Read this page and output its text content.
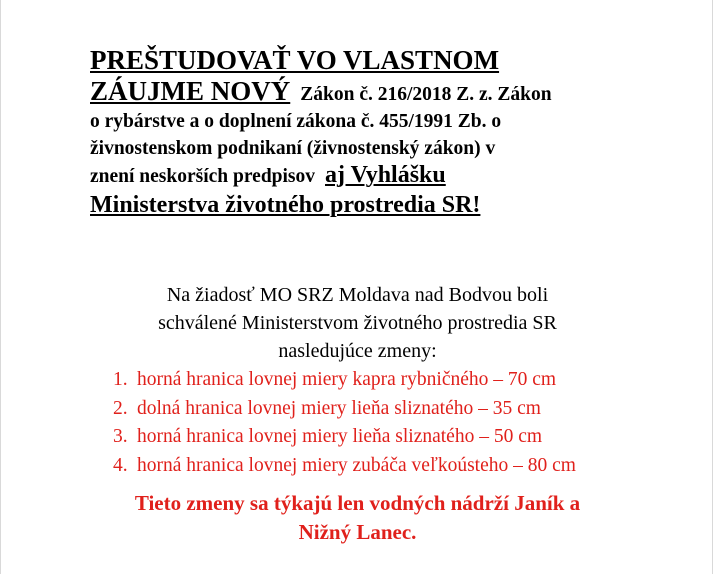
PREŠTUDOVAŤ VO VLASTNOM
ZÁUJME NOVÝ Zákon č. 216/2018 Z. z. Zákon
o rybárstve a o doplnení zákona č. 455/1991 Zb. o
živnostenskom podnikaní (živnostenský zákon) v
znení neskorších predpisov aj Vyhlášku
Ministerstva životného prostredia SR!
Na žiadosť MO SRZ Moldava nad Bodvou boli
schválené Ministerstvom životného prostredia SR
nasledujúce zmeny:
1. horná hranica lovnej miery kapra rybničného – 70 cm
2. dolná hranica lovnej miery lieňa sliznatého – 35 cm
3. horná hranica lovnej miery lieňa sliznatého – 50 cm
4. horná hranica lovnej miery zubáča veľkoústeho – 80 cm
Tieto zmeny sa týkajú len vodných nádrží Janík a
Nižný Lanec.
